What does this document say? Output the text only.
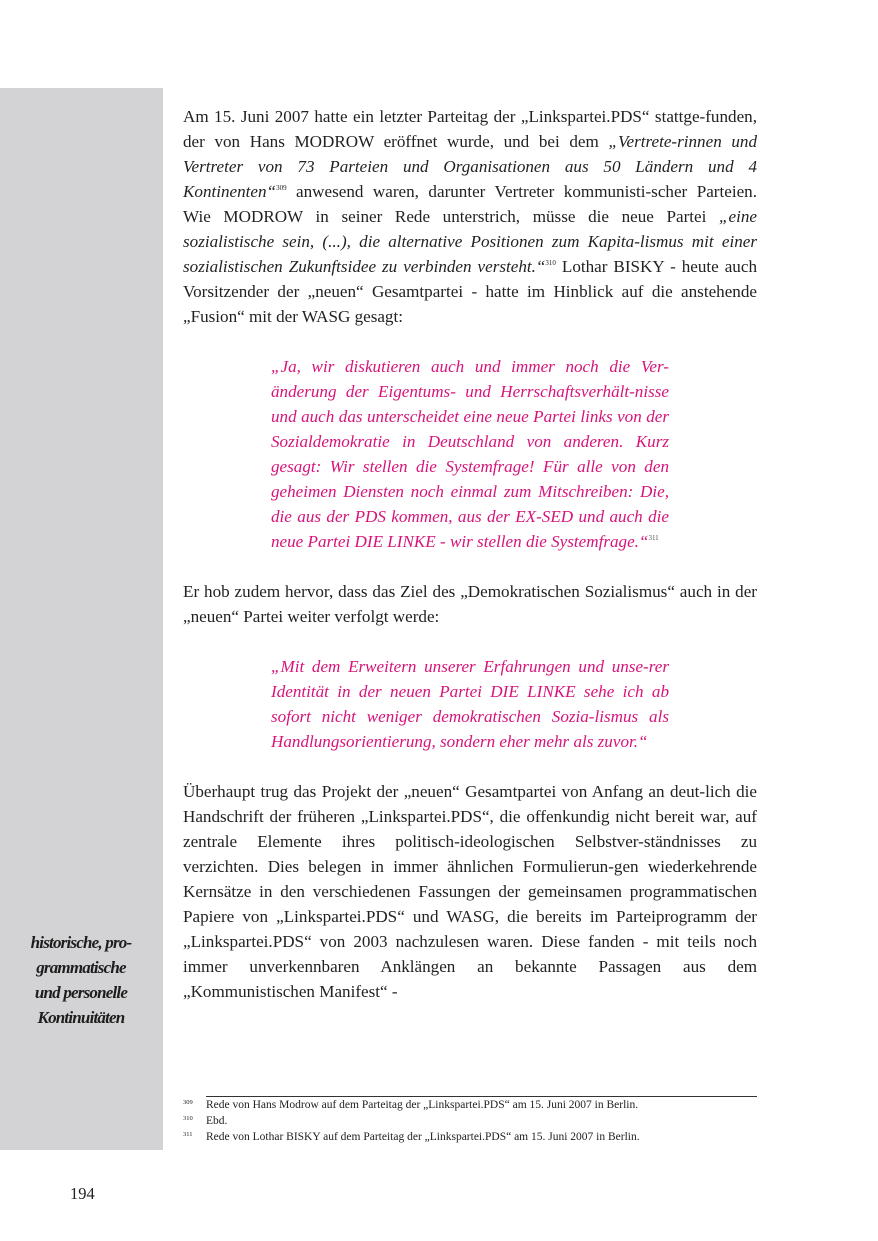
historische, pro-
grammatische
und personelle
Kontinuitäten

Am 15. Juni 2007 hatte ein letzter Parteitag der „Linkspartei.PDS“ stattge-funden, der von Hans MODROW eröffnet wurde, und bei dem „Vertrete-rinnen und Vertreter von 73 Parteien und Organisationen aus 50 Ländern und 4 Kontinenten“$^{309}$ anwesend waren, darunter Vertreter kommunisti-scher Parteien. Wie MODROW in seiner Rede unterstrich, müsse die neue Partei „eine sozialistische sein, (...), die alternative Positionen zum Kapita-lismus mit einer sozialistischen Zukunftsidee zu verbinden versteht.“$^{310}$ Lothar BISKY - heute auch Vorsitzender der „neuen“ Gesamtpartei - hatte im Hinblick auf die anstehende „Fusion“ mit der WASG gesagt:

„Ja, wir diskutieren auch und immer noch die Ver-änderung der Eigentums- und Herrschaftsverhält-nisse und auch das unterscheidet eine neue Partei links von der Sozialdemokratie in Deutschland von anderen. Kurz gesagt: Wir stellen die Systemfrage! Für alle von den geheimen Diensten noch einmal zum Mitschreiben: Die, die aus der PDS kommen, aus der EX-SED und auch die neue Partei DIE LINKE - wir stellen die Systemfrage.“$^{311}$

Er hob zudem hervor, dass das Ziel des „Demokratischen Sozialismus“ auch in der „neuen“ Partei weiter verfolgt werde:

„Mit dem Erweitern unserer Erfahrungen und unse-rer Identität in der neuen Partei DIE LINKE sehe ich ab sofort nicht weniger demokratischen Sozia-lismus als Handlungsorientierung, sondern eher mehr als zuvor.“

Überhaupt trug das Projekt der „neuen“ Gesamtpartei von Anfang an deut-lich die Handschrift der früheren „Linkspartei.PDS“, die offenkundig nicht bereit war, auf zentrale Elemente ihres politisch-ideologischen Selbstver-ständnisses zu verzichten. Dies belegen in immer ähnlichen Formulierun-gen wiederkehrende Kernsätze in den verschiedenen Fassungen der gemeinsamen programmatischen Papiere von „Linkspartei.PDS“ und WASG, die bereits im Parteiprogramm der „Linkspartei.PDS“ von 2003 nachzulesen waren. Diese fanden - mit teils noch immer unverkennbaren Anklängen an bekannte Passagen aus dem „Kommunistischen Manifest“ -

309 Rede von Hans Modrow auf dem Parteitag der „Linkspartei.PDS“ am 15. Juni 2007 in Berlin.
310 Ebd.
311 Rede von Lothar BISKY auf dem Parteitag der „Linkspartei.PDS“ am 15. Juni 2007 in Berlin.
194
